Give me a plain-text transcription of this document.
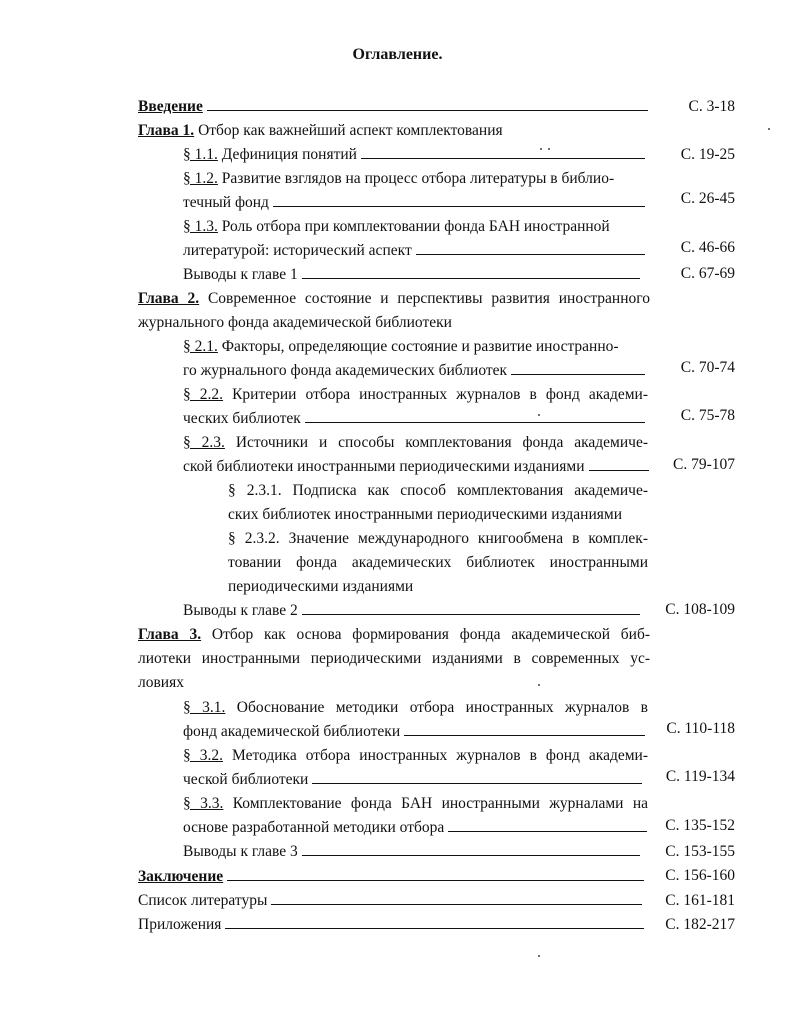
Оглавление.
Введение	С. 3-18
Глава 1. Отбор как важнейший аспект комплектования
§ 1.1. Дефиниция понятий	С. 19-25
§ 1.2. Развитие взглядов на процесс отбора литературы в библио-
течный фонд	С. 26-45
§ 1.3. Роль отбора при комплектовании фонда БАН иностранной
литературой: исторический аспект	С. 46-66
Выводы к главе 1	С. 67-69
Глава 2. Современное состояние и перспективы развития иностранного
журнального фонда академической библиотеки
§ 2.1. Факторы, определяющие состояние и развитие иностранно-
го журнального фонда академических библиотек	С. 70-74
§ 2.2. Критерии отбора иностранных журналов в фонд академи-
ческих библиотек	С. 75-78
§ 2.3. Источники и способы комплектования фонда академиче-
ской библиотеки иностранными периодическими изданиями	С. 79-107
§ 2.3.1. Подписка как способ комплектования академиче-
ских библиотек иностранными периодическими изданиями
§ 2.3.2. Значение международного книгообмена в комплек-
товании фонда академических библиотек иностранными
периодическими изданиями
Выводы к главе 2	С. 108-109
Глава 3. Отбор как основа формирования фонда академической биб-
лиотеки иностранными периодическими изданиями в современных ус-
ловиях
§ 3.1. Обоснование методики отбора иностранных журналов в
фонд академической библиотеки	С. 110-118
§ 3.2. Методика отбора иностранных журналов в фонд академи-
ческой библиотеки	С. 119-134
§ 3.3. Комплектование фонда БАН иностранными журналами на
основе разработанной методики отбора	С. 135-152
Выводы к главе 3	С. 153-155
Заключение	С. 156-160
Список литературы	С. 161-181
Приложения	С. 182-217
